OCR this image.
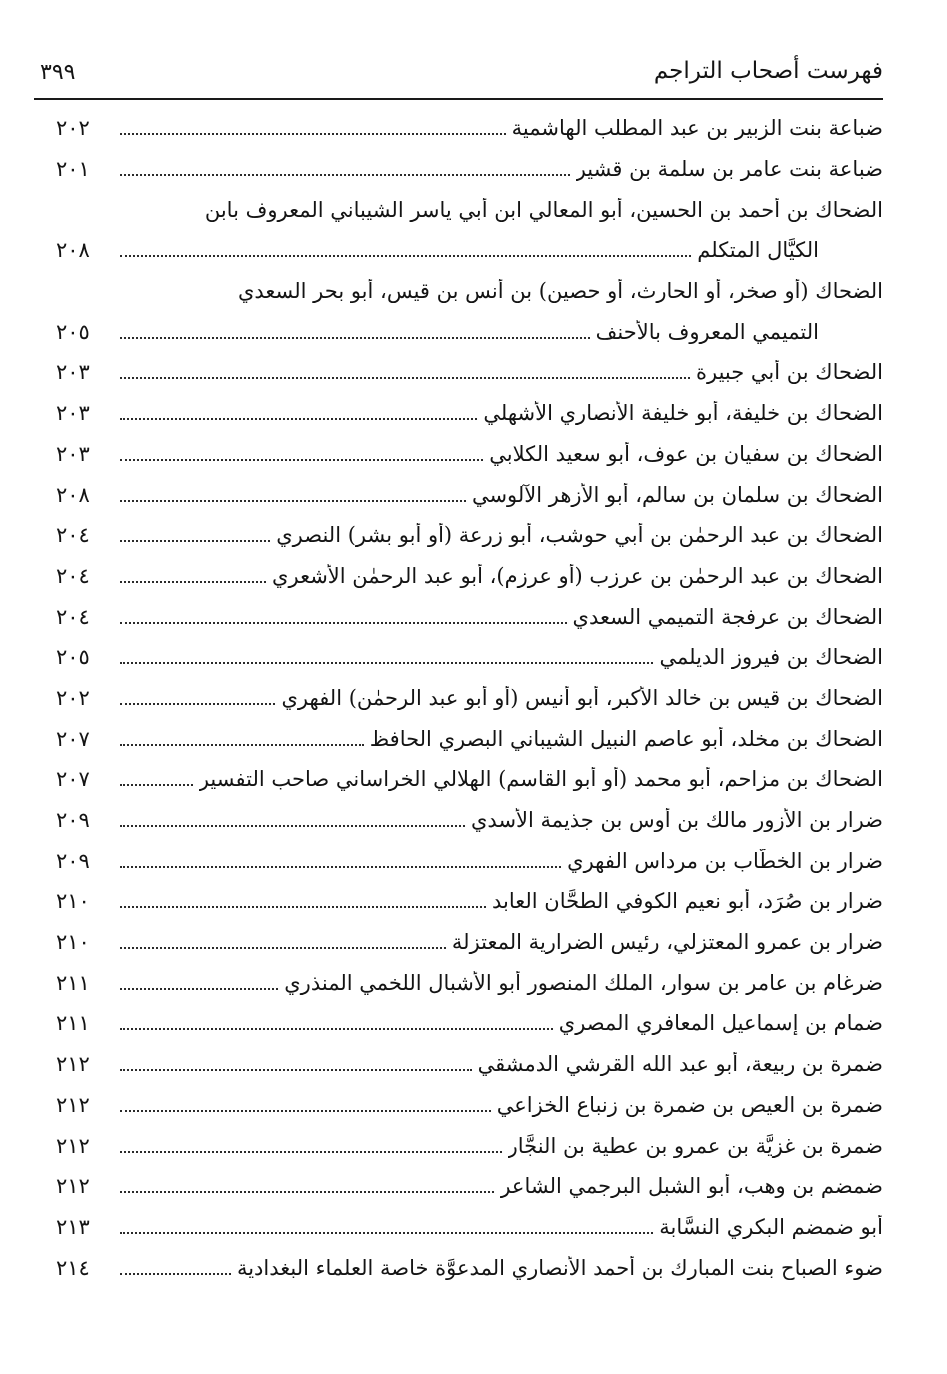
فهرست أصحاب التراجم
٣٩٩
٢٠٢	ضباعة بنت الزبير بن عبد المطلب الهاشمية
٢٠١	ضباعة بنت عامر بن سلمة بن قشير
الضحاك بن أحمد بن الحسين، أبو المعالي ابن أبي ياسر الشيباني المعروف بابن
٢٠٨	الكيَّال المتكلم
الضحاك (أو صخر، أو الحارث، أو حصين) بن أنس بن قيس، أبو بحر السعدي
٢٠٥	التميمي المعروف بالأحنف
٢٠٣	الضحاك بن أبي جبيرة
٢٠٣	الضحاك بن خليفة، أبو خليفة الأنصاري الأشهلي
٢٠٣	الضحاك بن سفيان بن عوف، أبو سعيد الكلابي
٢٠٨	الضحاك بن سلمان بن سالم، أبو الأزهر الآلوسي
٢٠٤	الضحاك بن عبد الرحمٰن بن أبي حوشب، أبو زرعة (أو أبو بشر) النصري
٢٠٤	الضحاك بن عبد الرحمٰن بن عرزب (أو عرزم)، أبو عبد الرحمٰن الأشعري
٢٠٤	الضحاك بن عرفجة التميمي السعدي
٢٠٥	الضحاك بن فيروز الديلمي
٢٠٢	الضحاك بن قيس بن خالد الأكبر، أبو أنيس (أو أبو عبد الرحمٰن) الفهري
٢٠٧	الضحاك بن مخلد، أبو عاصم النبيل الشيباني البصري الحافظ
٢٠٧	الضحاك بن مزاحم، أبو محمد (أو أبو القاسم) الهلالي الخراساني صاحب التفسير
٢٠٩	ضرار بن الأزور مالك بن أوس بن جذيمة الأسدي
٢٠٩	ضرار بن الخطَّاب بن مرداس الفهري
٢١٠	ضرار بن صُرَد، أبو نعيم الكوفي الطحَّان العابد
٢١٠	ضرار بن عمرو المعتزلي، رئيس الضرارية المعتزلة
٢١١	ضرغام بن عامر بن سوار، الملك المنصور أبو الأشبال اللخمي المنذري
٢١١	ضمام بن إسماعيل المعافري المصري
٢١٢	ضمرة بن ربيعة، أبو عبد الله القرشي الدمشقي
٢١٢	ضمرة بن العيص بن ضمرة بن زنباع الخزاعي
٢١٢	ضمرة بن غزيَّة بن عمرو بن عطية بن النجَّار
٢١٢	ضمضم بن وهب، أبو الشبل البرجمي الشاعر
٢١٣	أبو ضمضم البكري النسَّابة
٢١٤	ضوء الصباح بنت المبارك بن أحمد الأنصاري المدعوَّة خاصة العلماء البغدادية
